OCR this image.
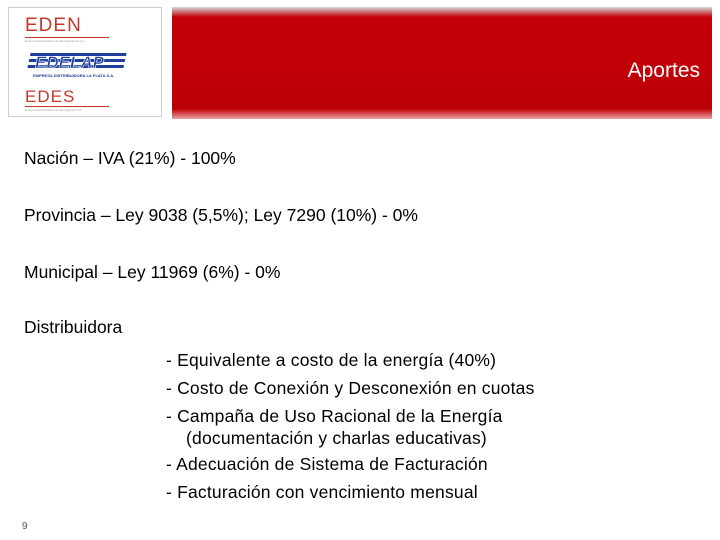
EDEN
Empresa Distribuidora de Energía Norte S.A.
EDELAP
EMPRESA DISTRIBUIDORA LA PLATA S.A.
EDES
Empresa Distribuidora de Energía Sur S.A.
Aportes
Nación – IVA (21%) - 100%
Provincia – Ley 9038 (5,5%); Ley 7290 (10%) - 0%
Municipal – Ley 11969 (6%) - 0%
Distribuidora
- Equivalente a costo de la energía (40%)
- Costo de Conexión y Desconexión en cuotas
- Campaña de Uso Racional de la Energía
(documentación y charlas educativas)
- Adecuación de Sistema de Facturación
- Facturación con vencimiento mensual
9
